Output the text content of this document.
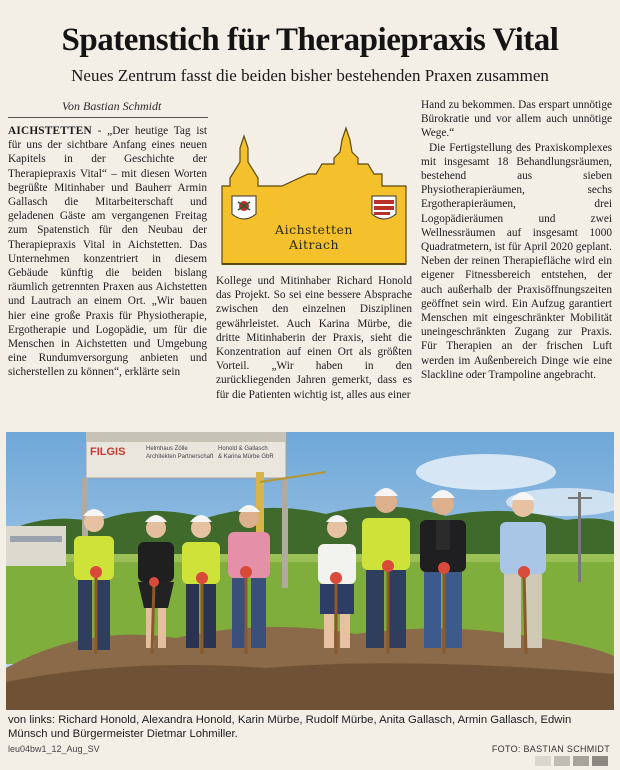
Spatenstich für Therapiepraxis Vital
Neues Zentrum fasst die beiden bisher bestehenden Praxen zusammen
Von Bastian Schmidt

AICHSTETTEN - „Der heutige Tag ist für uns der sichtbare Anfang eines neuen Kapitels in der Geschichte der Therapiepraxis Vital“ – mit diesen Worten begrüßte Mitinhaber und Bauherr Armin Gallasch die Mitarbeiterschaft und geladenen Gäste am vergangenen Freitag zum Spatenstich für den Neubau der Therapiepraxis Vital in Aichstetten. Das Unternehmen konzentriert in diesem Gebäude künftig die beiden bislang räumlich getrennten Praxen aus Aichstetten und Lautrach an einem Ort. „Wir bauen hier eine große Praxis für Physiotherapie, Ergotherapie und Logopädie, um für die Menschen in Aichstetten und Umgebung eine Rundumversorgung anbieten und sicherstellen zu können“, erklärte sein

Aichstetten
Aitrach

Kollege und Mitinhaber Richard Honold das Projekt. So sei eine bessere Absprache zwischen den einzelnen Disziplinen gewährleistet. Auch Karina Mürbe, die dritte Mitinhaberin der Praxis, sieht die Konzentration auf einen Ort als größten Vorteil. „Wir haben in den zurückliegenden Jahren gemerkt, dass es für die Patienten wichtig ist, alles aus einer

Hand zu bekommen. Das erspart unnötige Bürokratie und vor allem auch unnötige Wege.“

Die Fertigstellung des Praxiskomplexes mit insgesamt 18 Behandlungsräumen, bestehend aus sieben Physiotherapieräumen, sechs Ergotherapieräumen, drei Logopädieräumen und zwei Wellnessräumen auf insgesamt 1000 Quadratmetern, ist für April 2020 geplant. Neben der reinen Therapiefläche wird ein eigener Fitnessbereich entstehen, der auch außerhalb der Praxisöffnungszeiten geöffnet sein wird. Ein Aufzug garantiert Menschen mit eingeschränkter Mobilität uneingeschränkten Zugang zur Praxis. Für Therapien an der frischen Luft werden im Außenbereich Dinge wie eine Slackline oder Trampoline angebracht.

FILGIS	Helmhaus Zölle
Architekten Partnerschaft
Honold & Gallasch
& Karina Mürbe GbR
von links: Richard Honold, Alexandra Honold, Karin Mürbe, Rudolf Mürbe, Anita Gallasch, Armin Gallasch, Edwin Münsch und Bürgermeister Dietmar Lohmiller.
leu04bw1_12_Aug_SV	FOTO: BASTIAN SCHMIDT
